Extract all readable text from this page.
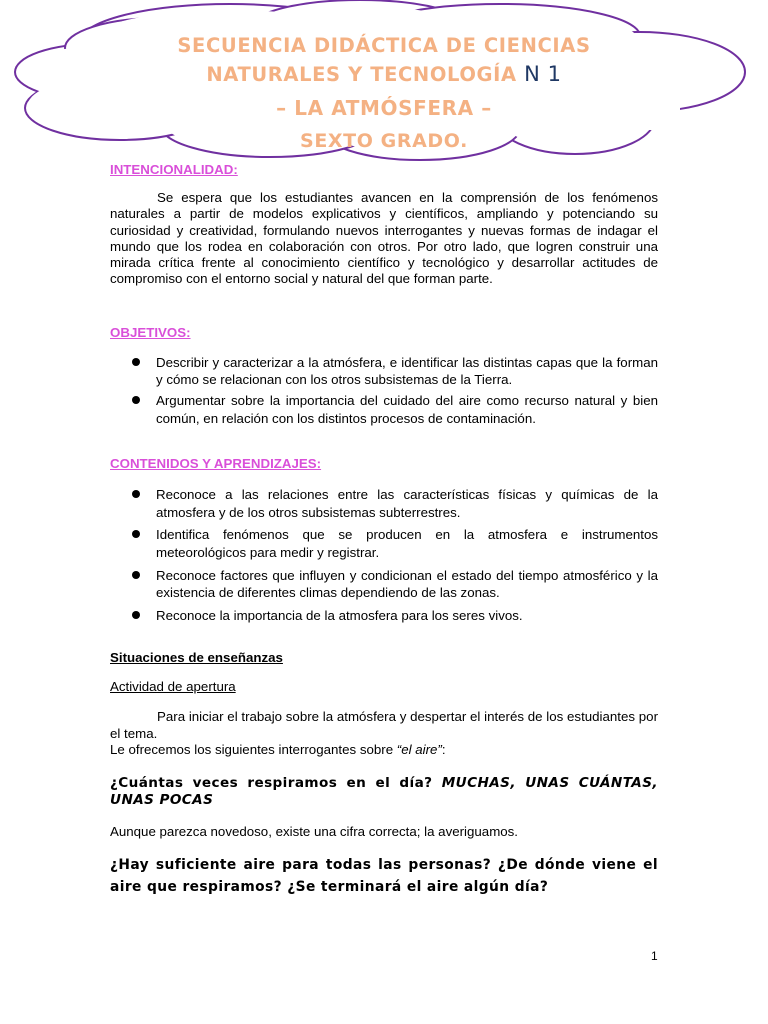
SECUENCIA DIDÁCTICA DE CIENCIAS
NATURALES Y TECNOLOGÍA N 1
– LA ATMÓSFERA –
SEXTO GRADO.

INTENCIONALIDAD:

Se espera que los estudiantes avancen en la comprensión de los fenómenos naturales a partir de modelos explicativos y científicos, ampliando y potenciando su curiosidad y creatividad, formulando nuevos interrogantes y nuevas formas de indagar el mundo que los rodea en colaboración con otros. Por otro lado, que logren construir una mirada crítica frente al conocimiento científico y tecnológico y desarrollar actitudes de compromiso con el entorno social y natural del que forman parte.

OBJETIVOS:

Describir y caracterizar a la atmósfera, e identificar las distintas capas que la forman y cómo se relacionan con los otros subsistemas de la Tierra.
Argumentar sobre la importancia del cuidado del aire como recurso natural y bien común, en relación con los distintos procesos de contaminación.

CONTENIDOS Y APRENDIZAJES:

Reconoce a las relaciones entre las características físicas y químicas de la atmosfera y de los otros subsistemas subterrestres.
Identifica fenómenos que se producen en la atmosfera e instrumentos meteorológicos para medir y registrar.
Reconoce factores que influyen y condicionan el estado del tiempo atmosférico y la existencia de diferentes climas dependiendo de las zonas.
Reconoce la importancia de la atmosfera para los seres vivos.

Situaciones de enseñanzas

Actividad de apertura

Para iniciar el trabajo sobre la atmósfera y despertar el interés de los estudiantes por el tema.

Le ofrecemos los siguientes interrogantes sobre “el aire”:

¿Cuántas veces respiramos en el día? MUCHAS, UNAS CUÁNTAS, UNAS POCAS

Aunque parezca novedoso, existe una cifra correcta; la averiguamos.

¿Hay suficiente aire para todas las personas? ¿De dónde viene el aire que respiramos? ¿Se terminará el aire algún día?

1
